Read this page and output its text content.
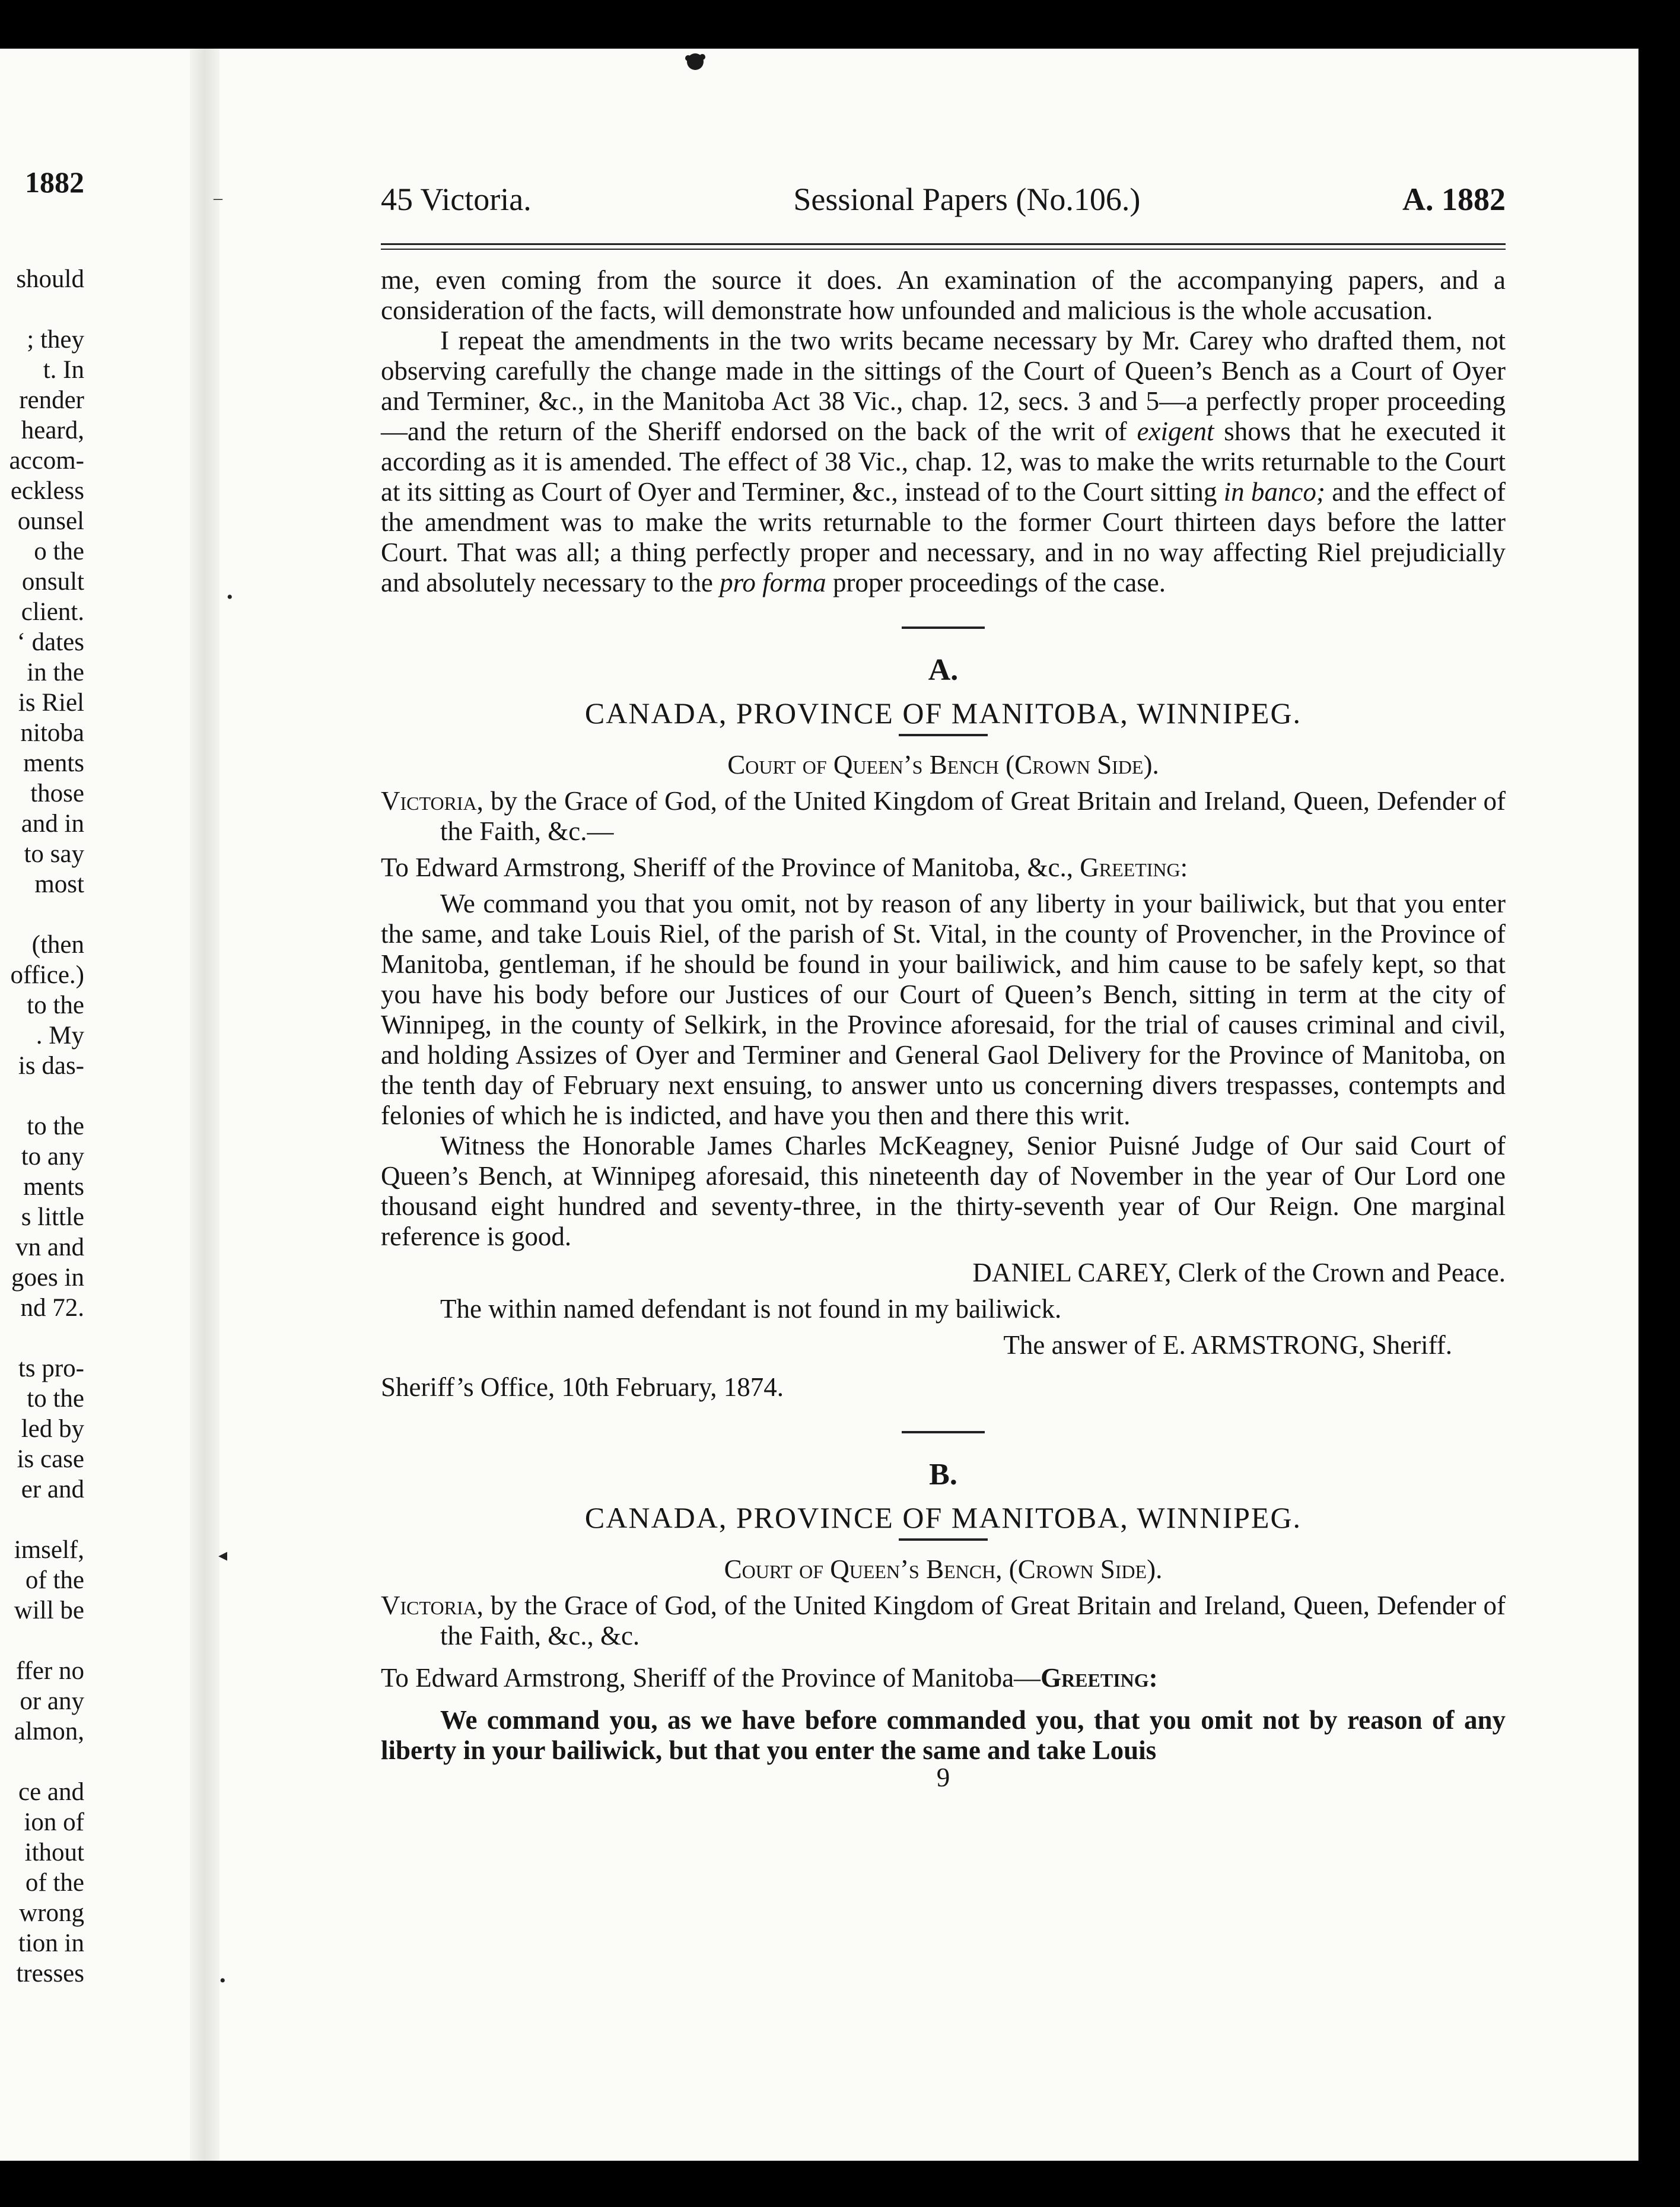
1882
should
; they
t. In
render
heard,
accom-
eckless
ounsel
o the
onsult
client.
‘ dates
in the
is Riel
nitoba
ments
those
and in
to say
most
(then
office.)
to the
. My
is das-
to the
to any
ments
s little
vn and
goes in
nd 72.
ts pro-
to the
led by
is case
er and
imself,
of the
will be
ffer no
or any
almon,
ce and
ion of
ithout
of the
wrong
tion in
tresses
–
•
◂
•
45 Victoria.	Sessional Papers (No.106.)	A. 1882

me, even coming from the source it does. An examination of the accompanying papers, and a consideration of the facts, will demonstrate how unfounded and malicious is the whole accusation.

I repeat the amendments in the two writs became necessary by Mr. Carey who drafted them, not observing carefully the change made in the sittings of the Court of Queen’s Bench as a Court of Oyer and Terminer, &c., in the Manitoba Act 38 Vic., chap. 12, secs. 3 and 5—a perfectly proper proceeding—and the return of the Sheriff endorsed on the back of the writ of exigent shows that he executed it according as it is amended. The effect of 38 Vic., chap. 12, was to make the writs returnable to the Court at its sitting as Court of Oyer and Terminer, &c., instead of to the Court sitting in banco; and the effect of the amendment was to make the writs returnable to the former Court thirteen days before the latter Court. That was all; a thing perfectly proper and necessary, and in no way affecting Riel prejudicially and absolutely necessary to the pro forma proper proceedings of the case.

A.

CANADA, PROVINCE OF MANITOBA, WINNIPEG.

Court of Queen’s Bench (Crown Side).

Victoria, by the Grace of God, of the United Kingdom of Great Britain and Ireland, Queen, Defender of the Faith, &c.—

To Edward Armstrong, Sheriff of the Province of Manitoba, &c., Greeting:

We command you that you omit, not by reason of any liberty in your bailiwick, but that you enter the same, and take Louis Riel, of the parish of St. Vital, in the county of Provencher, in the Province of Manitoba, gentleman, if he should be found in your bailiwick, and him cause to be safely kept, so that you have his body before our Justices of our Court of Queen’s Bench, sitting in term at the city of Winnipeg, in the county of Selkirk, in the Province aforesaid, for the trial of causes criminal and civil, and holding Assizes of Oyer and Terminer and General Gaol Delivery for the Province of Manitoba, on the tenth day of February next ensuing, to answer unto us concerning divers trespasses, contempts and felonies of which he is indicted, and have you then and there this writ.

Witness the Honorable James Charles McKeagney, Senior Puisné Judge of Our said Court of Queen’s Bench, at Winnipeg aforesaid, this nineteenth day of November in the year of Our Lord one thousand eight hundred and seventy-three, in the thirty-seventh year of Our Reign. One marginal reference is good.

DANIEL CAREY, Clerk of the Crown and Peace.

The within named defendant is not found in my bailiwick.

The answer of E. ARMSTRONG, Sheriff.

Sheriff’s Office, 10th February, 1874.

B.

CANADA, PROVINCE OF MANITOBA, WINNIPEG.

Court of Queen’s Bench, (Crown Side).

Victoria, by the Grace of God, of the United Kingdom of Great Britain and Ireland, Queen, Defender of the Faith, &c., &c.

To Edward Armstrong, Sheriff of the Province of Manitoba—Greeting:

We command you, as we have before commanded you, that you omit not by reason of any liberty in your bailiwick, but that you enter the same and take Louis

9
